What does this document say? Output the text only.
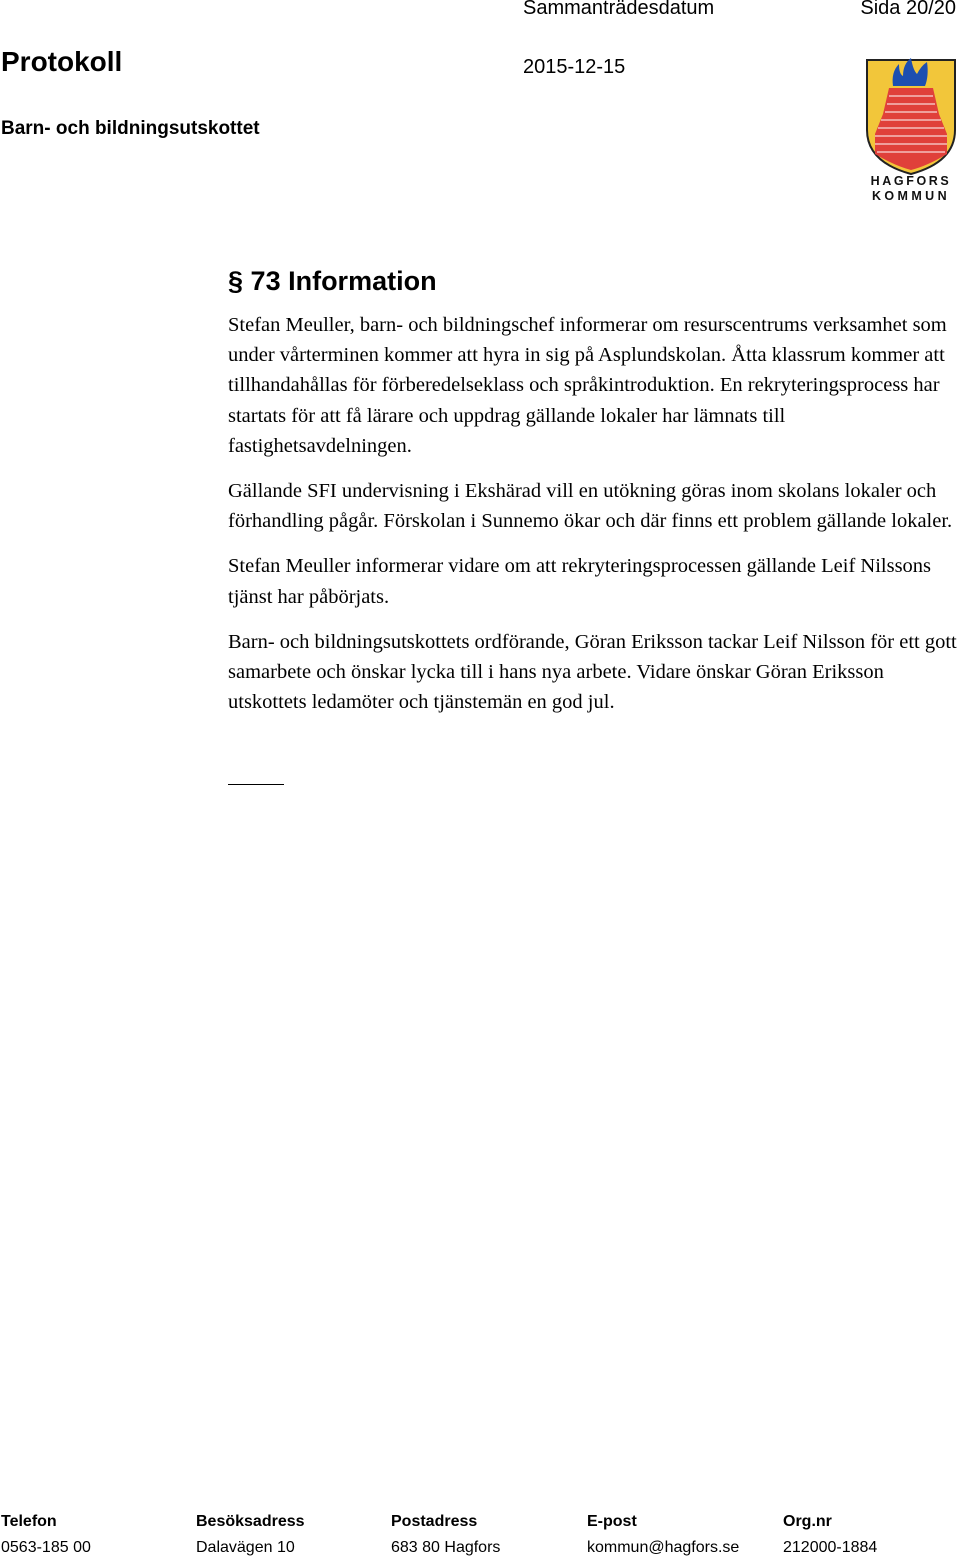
Sammanträdesdatum	Sida 20/20
Protokoll	2015-12-15
Barn- och bildningsutskottet
HAGFORS
KOMMUN
§ 73 Information

Stefan Meuller, barn- och bildningschef informerar om resurscentrums verksamhet som under vårterminen kommer att hyra in sig på Asplundskolan. Åtta klassrum kommer att tillhandahållas för förberedelseklass och språkintroduktion. En rekryteringsprocess har startats för att få lärare och uppdrag gällande lokaler har lämnats till fastighetsavdelningen.

Gällande SFI undervisning i Ekshärad vill en utökning göras inom skolans lokaler och förhandling pågår. Förskolan i Sunnemo ökar och där finns ett problem gällande lokaler.

Stefan Meuller informerar vidare om att rekryteringsprocessen gällande Leif Nilssons tjänst har påbörjats.

Barn- och bildningsutskottets ordförande, Göran Eriksson tackar Leif Nilsson för ett gott samarbete och önskar lycka till i hans nya arbete. Vidare önskar Göran Eriksson utskottets ledamöter och tjänstemän en god jul.

Telefon
0563-185 00
Besöksadress
Dalavägen 10
Postadress
683 80 Hagfors
E-post
kommun@hagfors.se
Org.nr
212000-1884
